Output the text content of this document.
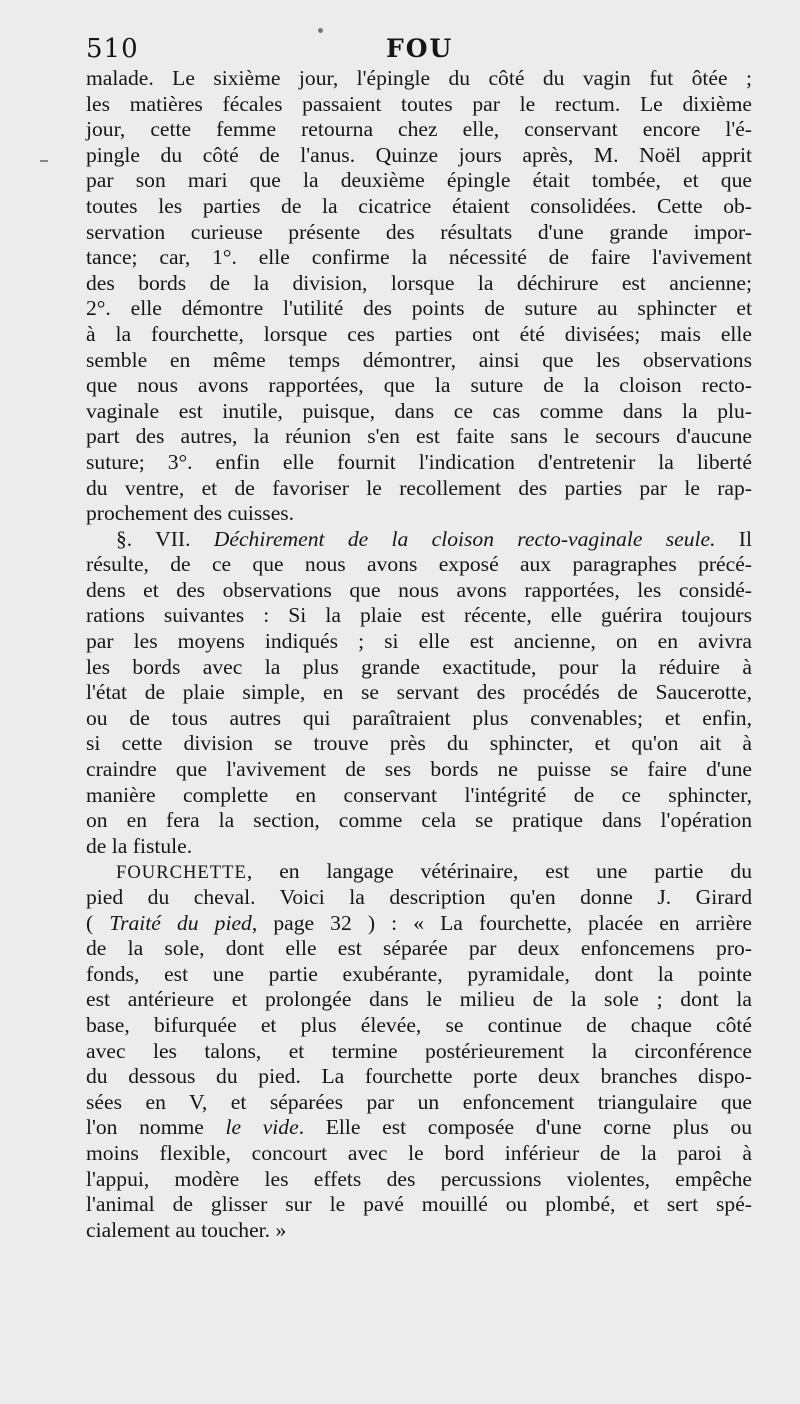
510	FOU
malade. Le sixième jour, l'épingle du côté du vagin fut ôtée ;
les matières fécales passaient toutes par le rectum. Le dixième
jour, cette femme retourna chez elle, conservant encore l'é-
pingle du côté de l'anus. Quinze jours après, M. Noël apprit
par son mari que la deuxième épingle était tombée, et que
toutes les parties de la cicatrice étaient consolidées. Cette ob-
servation curieuse présente des résultats d'une grande impor-
tance; car, 1°. elle confirme la nécessité de faire l'avivement
des bords de la division, lorsque la déchirure est ancienne;
2°. elle démontre l'utilité des points de suture au sphincter et
à la fourchette, lorsque ces parties ont été divisées; mais elle
semble en même temps démontrer, ainsi que les observations
que nous avons rapportées, que la suture de la cloison recto-
vaginale est inutile, puisque, dans ce cas comme dans la plu-
part des autres, la réunion s'en est faite sans le secours d'aucune
suture; 3°. enfin elle fournit l'indication d'entretenir la liberté
du ventre, et de favoriser le recollement des parties par le rap-
prochement des cuisses.
§. VII. Déchirement de la cloison recto-vaginale seule. Il
résulte, de ce que nous avons exposé aux paragraphes précé-
dens et des observations que nous avons rapportées, les considé-
rations suivantes : Si la plaie est récente, elle guérira toujours
par les moyens indiqués ; si elle est ancienne, on en avivra
les bords avec la plus grande exactitude, pour la réduire à
l'état de plaie simple, en se servant des procédés de Saucerotte,
ou de tous autres qui paraîtraient plus convenables; et enfin,
si cette division se trouve près du sphincter, et qu'on ait à
craindre que l'avivement de ses bords ne puisse se faire d'une
manière complette en conservant l'intégrité de ce sphincter,
on en fera la section, comme cela se pratique dans l'opération
de la fistule.
FOURCHETTE, en langage vétérinaire, est une partie du
pied du cheval. Voici la description qu'en donne J. Girard
( Traité du pied, page 32 ) : « La fourchette, placée en arrière
de la sole, dont elle est séparée par deux enfoncemens pro-
fonds, est une partie exubérante, pyramidale, dont la pointe
est antérieure et prolongée dans le milieu de la sole ; dont la
base, bifurquée et plus élevée, se continue de chaque côté
avec les talons, et termine postérieurement la circonférence
du dessous du pied. La fourchette porte deux branches dispo-
sées en V, et séparées par un enfoncement triangulaire que
l'on nomme le vide. Elle est composée d'une corne plus ou
moins flexible, concourt avec le bord inférieur de la paroi à
l'appui, modère les effets des percussions violentes, empêche
l'animal de glisser sur le pavé mouillé ou plombé, et sert spé-
cialement au toucher. »
